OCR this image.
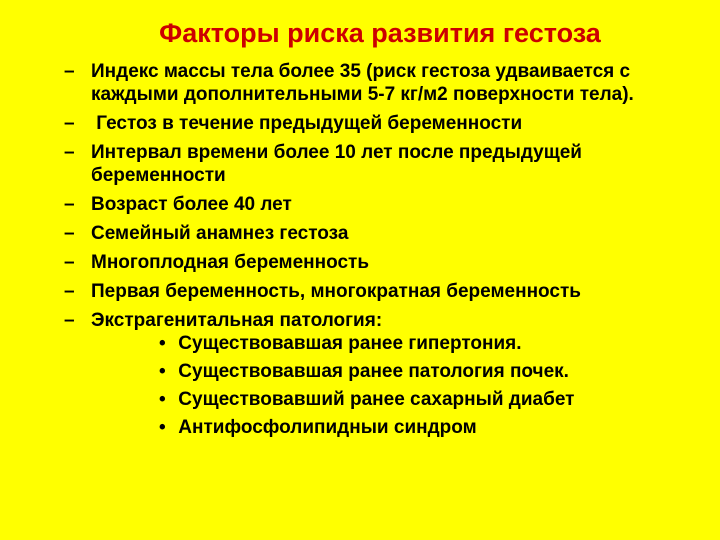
Факторы риска развития гестоза
– Индекс массы тела более 35 (риск гестоза удваивается с каждыми дополнительными 5-7 кг/м2 поверхности тела).
– Гестоз в течение предыдущей беременности
– Интервал времени более 10 лет после предыдущей беременности
– Возраст более 40 лет
– Семейный анамнез гестоза
– Многоплодная беременность
– Первая беременность, многократная беременность
– Экстрагенитальная патология:
• Существовавшая ранее гипертония.
• Существовавшая ранее патология почек.
• Существовавший ранее сахарный диабет
• Антифосфолипидныи синдром
